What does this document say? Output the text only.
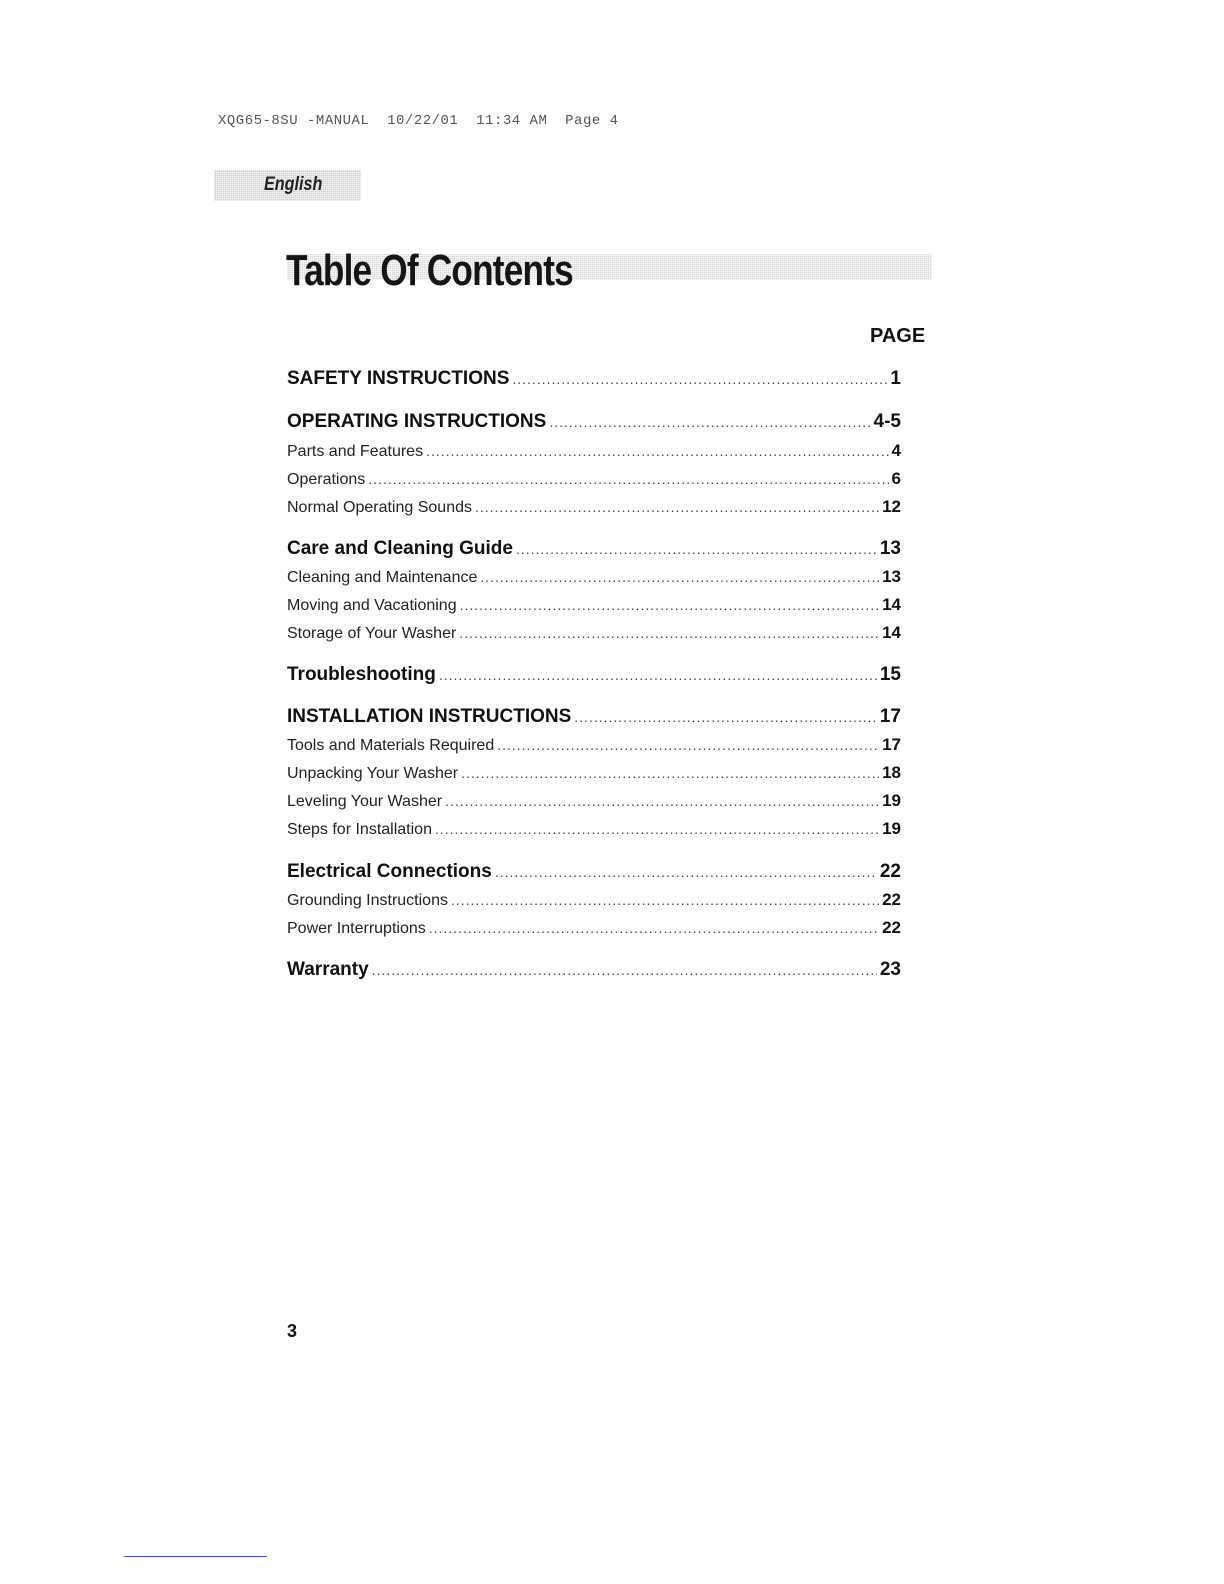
XQG65-8SU -MANUAL  10/22/01  11:34 AM  Page 4
English
Table Of Contents
PAGE
SAFETY INSTRUCTIONS .....	1
OPERATING INSTRUCTIONS .....	4-5
Parts and Features .....	4
Operations .....	6
Normal Operating Sounds .....	12
Care and Cleaning Guide .....	13
Cleaning and Maintenance .....	13
Moving and Vacationing .....	14
Storage of Your Washer .....	14
Troubleshooting .....	15
INSTALLATION INSTRUCTIONS .....	17
Tools and Materials Required .....	17
Unpacking Your Washer .....	18
Leveling Your Washer .....	19
Steps for Installation .....	19
Electrical Connections .....	22
Grounding Instructions .....	22
Power Interruptions .....	22
Warranty .....	23
3
